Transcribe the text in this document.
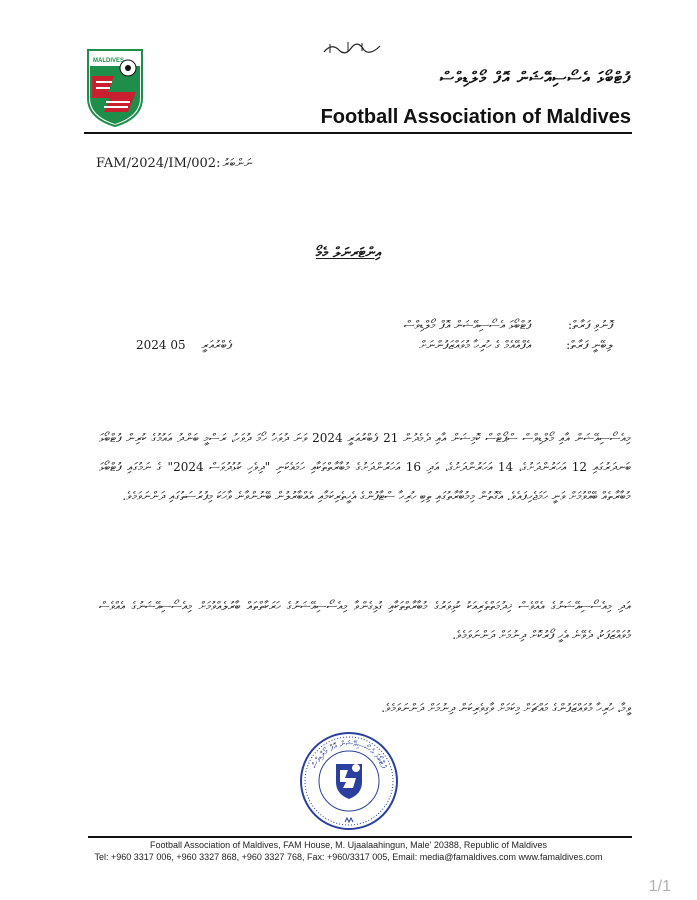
MALDIVES
ފުޓްބޯޅަ އެސޯސިއޭޝަން އޮފް މޯލްޑިވްސް
Football Association of Maldives
FAM/2024/IM/002: ނަންބަރު
އިންޓަރނަލް މެމޯ
ފޮނުވި ފަރާތް: ފުޓްބޯޅަ އެސޯސިއޭޝަން އޮފް މޯލްޑިވްސް
ލިބޭނީ ފަރާތް: އެފްއޭއެމް ގެ ހުރިހާ މުވައްޒަފުންނަށް
2024	ފެބްރުއަރީ 05
މިއެސޯސިއޭޝަން އާއި މޯލްޑިވްސް ސްޕޯޓްސް ކޮމިޝަން އާއި ދެމެދުން 21 ފެބްރުއަރީ 2024 ވަނަ ދުވަހު ހޯމަ ދުވަހު، ރަސްމީ ބަންދު އައުމުގެ ކުރިން ފުޓްބޯޅަ ބަނދަރުގައި 12 އަހަރުންދަށުގެ، 14 އަހަރުންދަށުގެ، އަދި 16 އަހަރުންދަށުގެ މުބާރާތްތަކާއި ހަމައެކަނި "ދިވެހި ކުޅުދުވަސް 2024" ގެ ނަމުގައި ފުޓްބޯޅަ މުބާރާތެއް ބޭއްވުމަށް ވަނީ ހަމަޖެހިފައެވެ. އެގޮތުން މިމުބާރާތުގައި ތިބި ހުރިހާ ސްޓާފުންގެ އެހީތެރިކަމާއި އެއްބާރުލުން ބޭނުންވާނެ ވާހަކަ މިފުރުސަތުގައި ދަންނަވަމެވެ.
އަދި މިއެސޯސިއޭޝަނުގެ އެއްވެސް ޚިދުމަތްތެރިއަކު ކުޅިވަރުގެ މުބާރާތްތަކާއި ގުޅިގެންވާ މިއެސޯސިއޭޝަނުގެ ހަރަކާތްތައް ބާރުލެއްވުމަށް މިއެސޯސިއޭޝަނުގެ އެއްވެސް މުވައްޒަފަކު، ދެވޭނެ އެހީ ފޯރުކޮށް ދިނުމަށް ދަންނަވަމެވެ.
ވީމާ، ހުރިހާ މުވައްޒަފުންގެ މައްޗަށް މިކަމަށް ވާގިވެރިކަން ދިނުމަށް ދަންނަވަމެވެ.
ފުޓްބޯޅަ އެސޯސިއޭޝަން އޮފް މޯލްޑިވްސް
Football Association of Maldives, FAM House, M. Ujaalaahingun, Male' 20388, Republic of Maldives
Tel: +960 3317 006, +960 3327 868, +960 3327 768, Fax: +960/3317 005, Email: media@famaldives.com www.famaldives.com
1/1
